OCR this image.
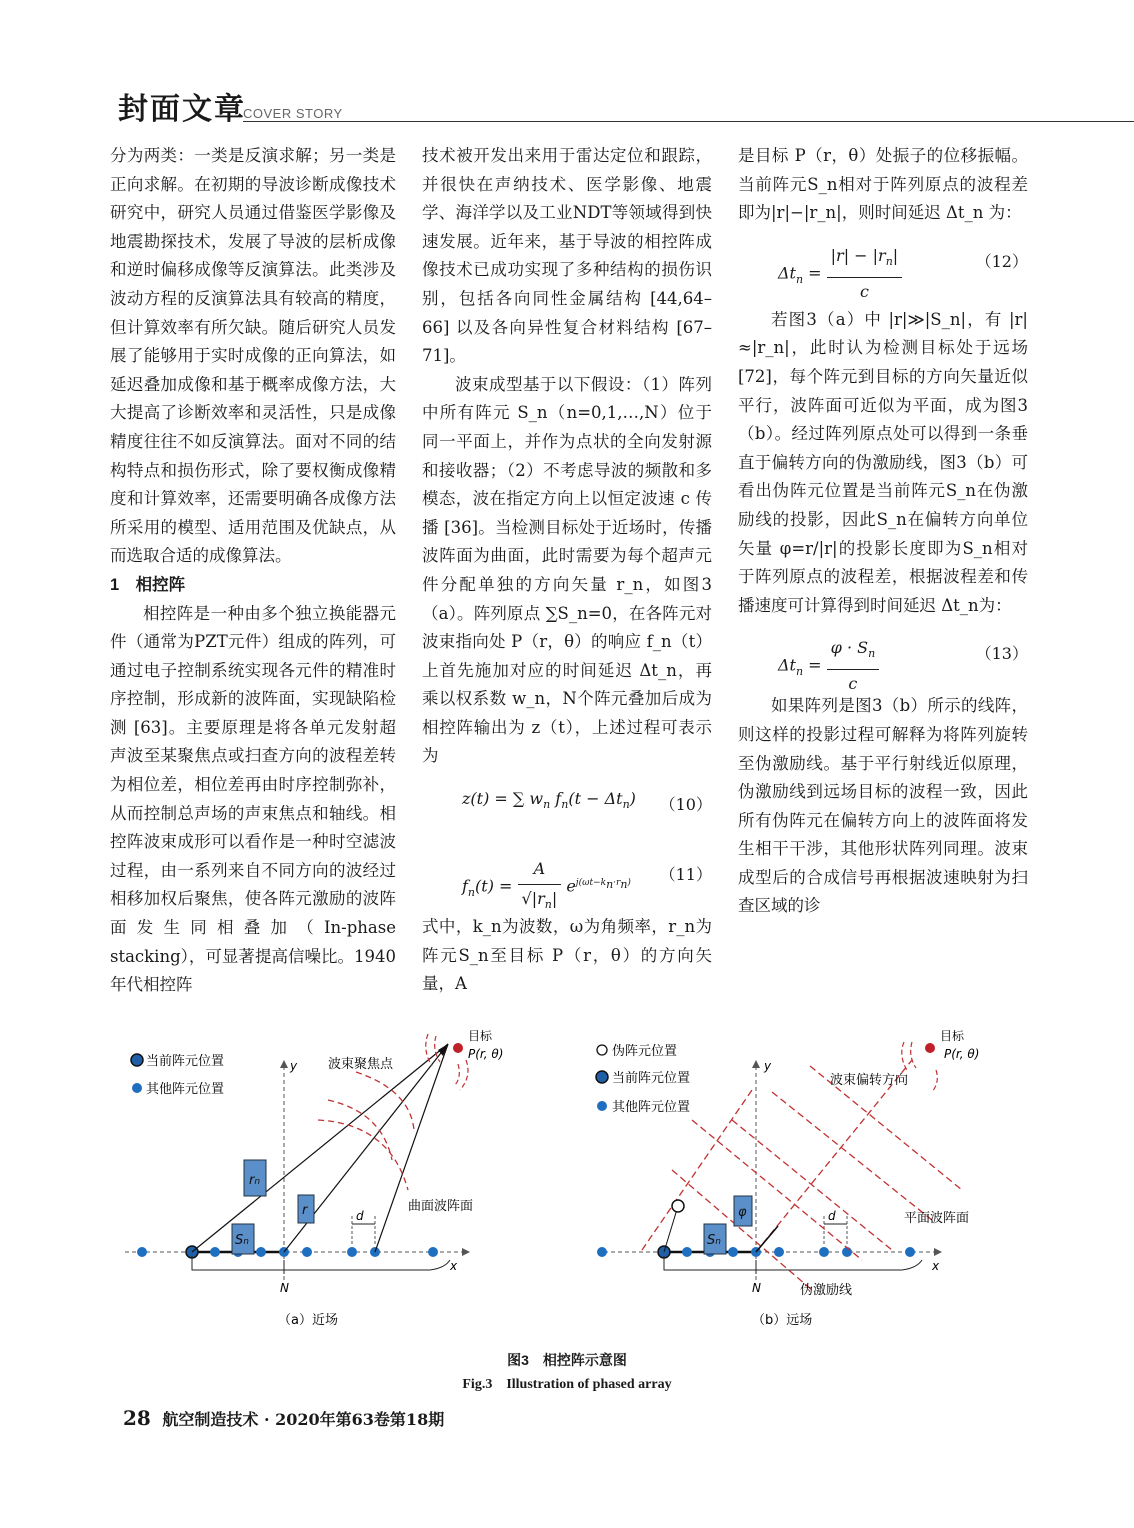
封面文章
COVER STORY

分为两类：一类是反演求解；另一类是正向求解。在初期的导波诊断成像技术研究中，研究人员通过借鉴医学影像及地震勘探技术，发展了导波的层析成像和逆时偏移成像等反演算法。此类涉及波动方程的反演算法具有较高的精度，但计算效率有所欠缺。随后研究人员发展了能够用于实时成像的正向算法，如延迟叠加成像和基于概率成像方法，大大提高了诊断效率和灵活性，只是成像精度往往不如反演算法。面对不同的结构特点和损伤形式，除了要权衡成像精度和计算效率，还需要明确各成像方法所采用的模型、适用范围及优缺点，从而选取合适的成像算法。

1　相控阵

相控阵是一种由多个独立换能器元件（通常为PZT元件）组成的阵列，可通过电子控制系统实现各元件的精准时序控制，形成新的波阵面，实现缺陷检测 [63]。主要原理是将各单元发射超声波至某聚焦点或扫查方向的波程差转为相位差，相位差再由时序控制弥补，从而控制总声场的声束焦点和轴线。相控阵波束成形可以看作是一种时空滤波过程，由一系列来自不同方向的波经过相移加权后聚焦，使各阵元激励的波阵面发生同相叠加（In-phase stacking），可显著提高信噪比。1940年代相控阵

技术被开发出来用于雷达定位和跟踪，并很快在声纳技术、医学影像、地震学、海洋学以及工业NDT等领域得到快速发展。近年来，基于导波的相控阵成像技术已成功实现了多种结构的损伤识别，包括各向同性金属结构 [44,64–66] 以及各向异性复合材料结构 [67–71]。

波束成型基于以下假设：（1）阵列中所有阵元 S_n（n=0,1,…,N）位于同一平面上，并作为点状的全向发射源和接收器；（2）不考虑导波的频散和多模态，波在指定方向上以恒定波速 c 传播 [36]。当检测目标处于近场时，传播波阵面为曲面，此时需要为每个超声元件分配单独的方向矢量 r_n，如图3（a）。阵列原点 ∑S_n=0，在各阵元对波束指向处 P（r，θ）的响应 f_n（t）上首先施加对应的时间延迟 Δt_n，再乘以权系数 w_n，N个阵元叠加后成为相控阵输出为 z（t），上述过程可表示为

z(t) = ∑ $w_n$ $f_n(t - \Delta t_n)$ （10）
$f_n(t) = \frac{A}{√|r_n|} e^{j(\omega t-k_n\cdot r_n)}$ （11）

式中，k_n为波数，ω为角频率，r_n为阵元S_n至目标 P（r，θ）的方向矢量，A

是目标 P（r，θ）处振子的位移振幅。当前阵元S_n相对于阵列原点的波程差即为|r|−|r_n|，则时间延迟 Δt_n 为：

$\Delta t_n = \frac{|r| - |r_n|}{c}$	（12）

若图3（a）中 |r|≫|S_n|，有 |r|≈|r_n|，此时认为检测目标处于远场 [72]，每个阵元到目标的方向矢量近似平行，波阵面可近似为平面，成为图3（b）。经过阵列原点处可以得到一条垂直于偏转方向的伪激励线，图3（b）可看出伪阵元位置是当前阵元S_n在伪激励线的投影，因此S_n在偏转方向单位矢量 φ=r/|r|的投影长度即为S_n相对于阵列原点的波程差，根据波程差和传播速度可计算得到时间延迟 Δt_n为：

$\Delta t_n = \frac{\varphi \cdot S_n}{c}$	（13）

如果阵列是图3（b）所示的线阵，则这样的投影过程可解释为将阵列旋转至伪激励线。基于平行射线近似原理，伪激励线到远场目标的波程一致，因此所有伪阵元在偏转方向上的波阵面将发生相干干涉，其他形状阵列同理。波束成型后的合成信号再根据波速映射为扫查区域的诊

当前阵元位置
其他阵元位置
x
y
N
d
rn
r
Sn
目标
P(r, θ)
波束聚焦点
曲面波阵面
（a）近场
伪阵元位置
当前阵元位置
其他阵元位置
x
y
N
d
φ
Sn
目标
P(r, θ)
波束偏转方向
平面波阵面
伪激励线
（b）远场
图3　相控阵示意图
Fig.3　Illustration of phased array
28 航空制造技术 · 2020年第63卷第18期
